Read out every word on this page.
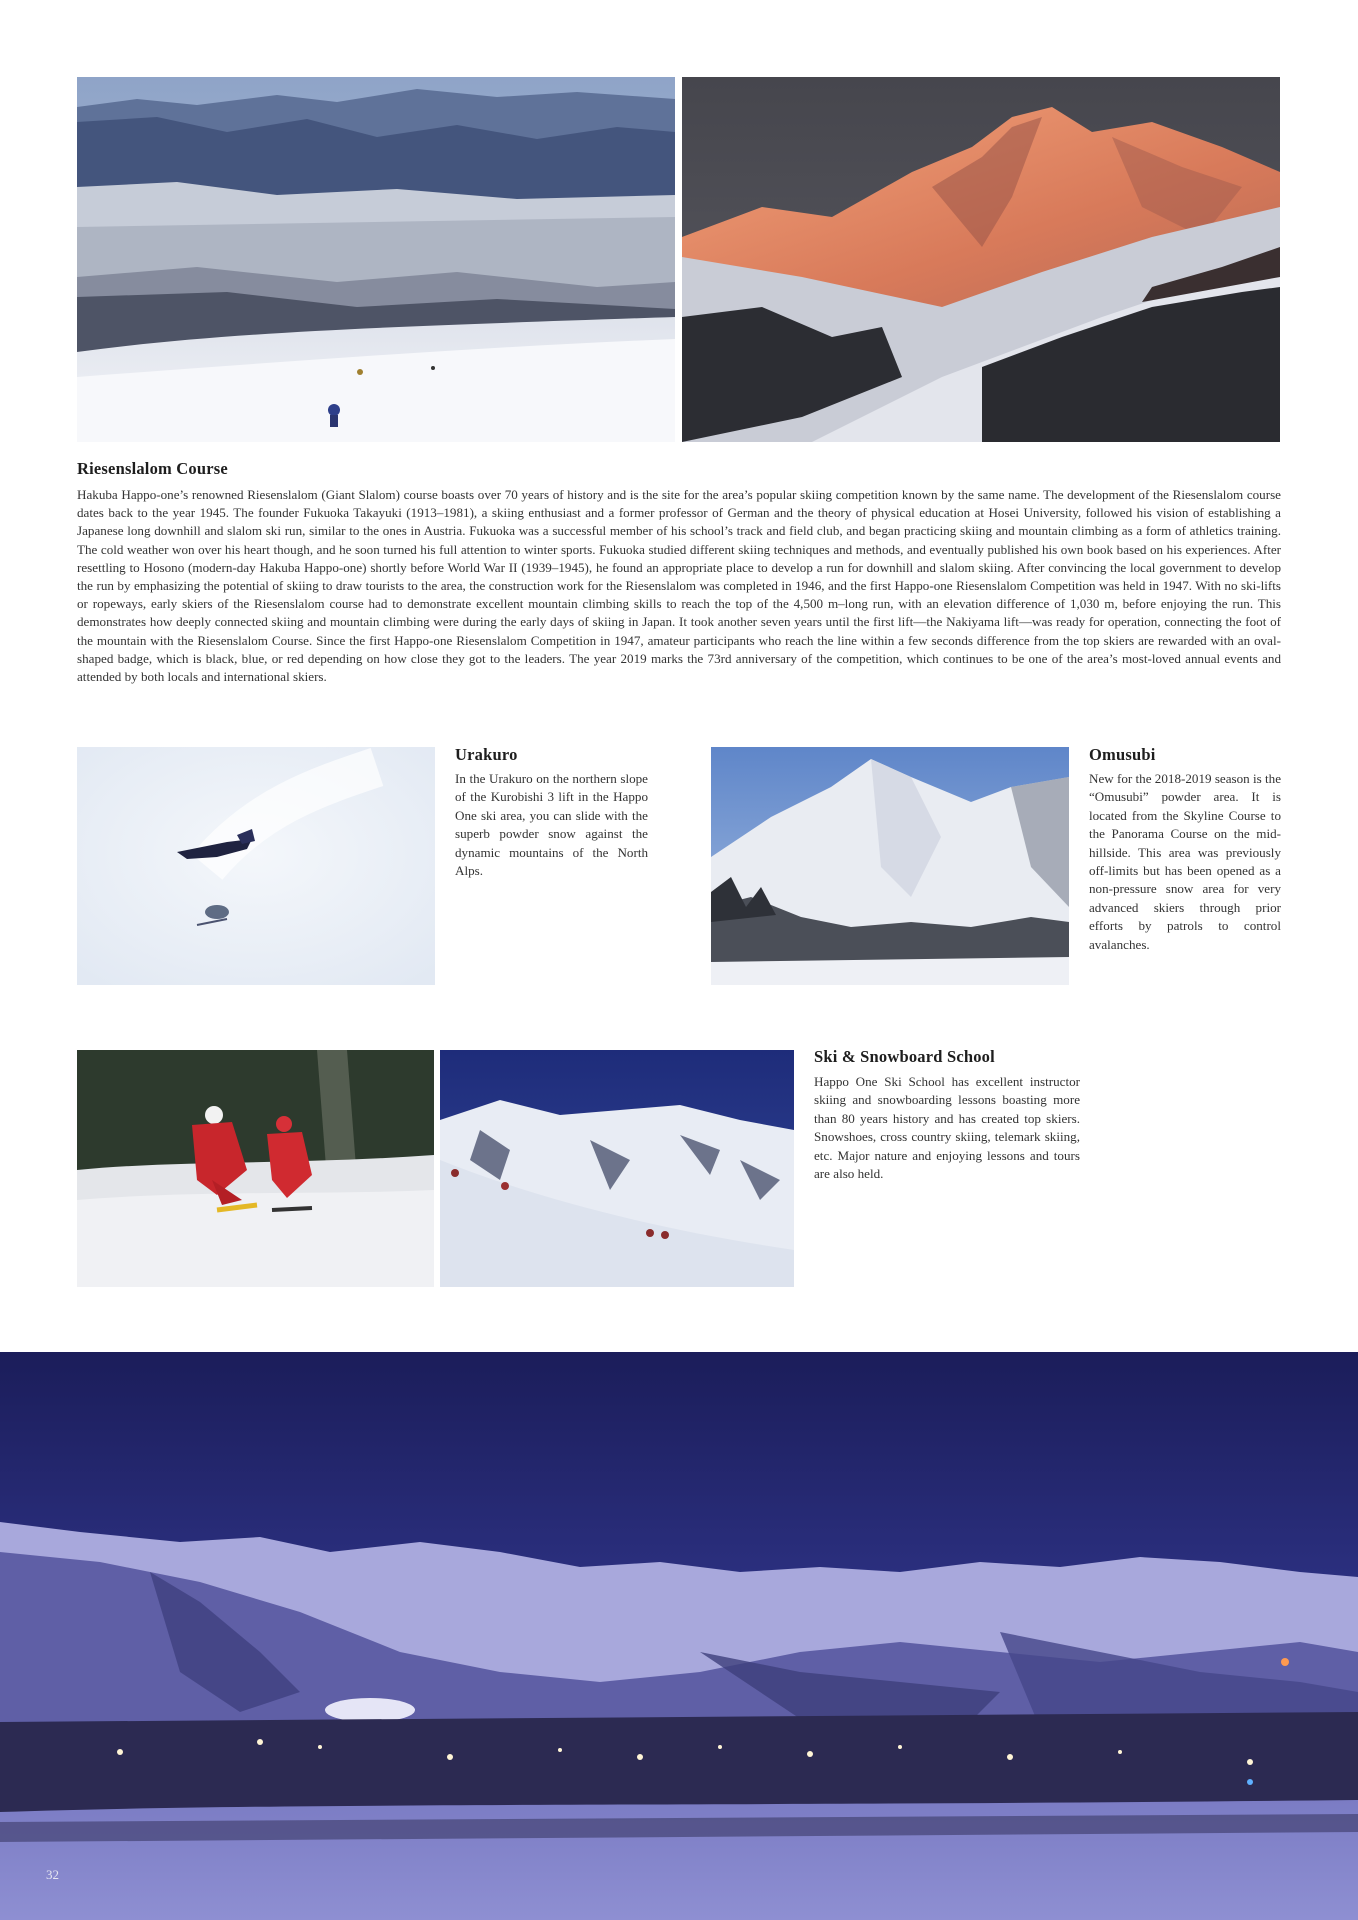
Riesenslalom Course

Hakuba Happo-one’s renowned Riesenslalom (Giant Slalom) course boasts over 70 years of history and is the site for the area’s popular skiing competition known by the same name. The development of the Riesenslalom course dates back to the year 1945. The founder Fukuoka Takayuki (1913–1981), a skiing enthusiast and a former professor of German and the theory of physical education at Hosei University, followed his vision of establishing a Japanese long downhill and slalom ski run, similar to the ones in Austria. Fukuoka was a successful member of his school’s track and field club, and began practicing skiing and mountain climbing as a form of athletics training. The cold weather won over his heart though, and he soon turned his full attention to winter sports. Fukuoka studied different skiing techniques and methods, and eventually published his own book based on his experiences. After resettling to Hosono (modern-day Hakuba Happo-one) shortly before World War II (1939–1945), he found an appropriate place to develop a run for downhill and slalom skiing. After convincing the local government to develop the run by emphasizing the potential of skiing to draw tourists to the area, the construction work for the Riesenslalom was completed in 1946, and the first Happo-one Riesenslalom Competition was held in 1947. With no ski-lifts or ropeways, early skiers of the Riesenslalom course had to demonstrate excellent mountain climbing skills to reach the top of the 4,500 m–long run, with an elevation difference of 1,030 m, before enjoying the run. This demonstrates how deeply connected skiing and mountain climbing were during the early days of skiing in Japan. It took another seven years until the first lift—the Nakiyama lift—was ready for operation, connecting the foot of the mountain with the Riesenslalom Course. Since the first Happo-one Riesenslalom Competition in 1947, amateur participants who reach the line within a few seconds difference from the top skiers are rewarded with an oval-shaped badge, which is black, blue, or red depending on how close they got to the leaders. The year 2019 marks the 73rd anniversary of the competition, which continues to be one of the area’s most-loved annual events and attended by both locals and international skiers.

Urakuro

In the Urakuro on the northern slope of the Kurobishi 3 lift in the Happo One ski area, you can slide with the superb powder snow against the dynamic mountains of the North Alps.

Omusubi

New for the 2018-2019 season is the “Omusubi” powder area. It is located from the Skyline Course to the Panorama Course on the mid-hillside. This area was previously off-limits but has been opened as a non-pressure snow area for very advanced skiers through prior efforts by patrols to control avalanches.

Ski & Snowboard School

Happo One Ski School has excellent instructor skiing and snowboarding lessons boasting more than 80 years history and has created top skiers. Snowshoes, cross country skiing, telemark skiing, etc. Major nature and enjoying lessons and tours are also held.

32
